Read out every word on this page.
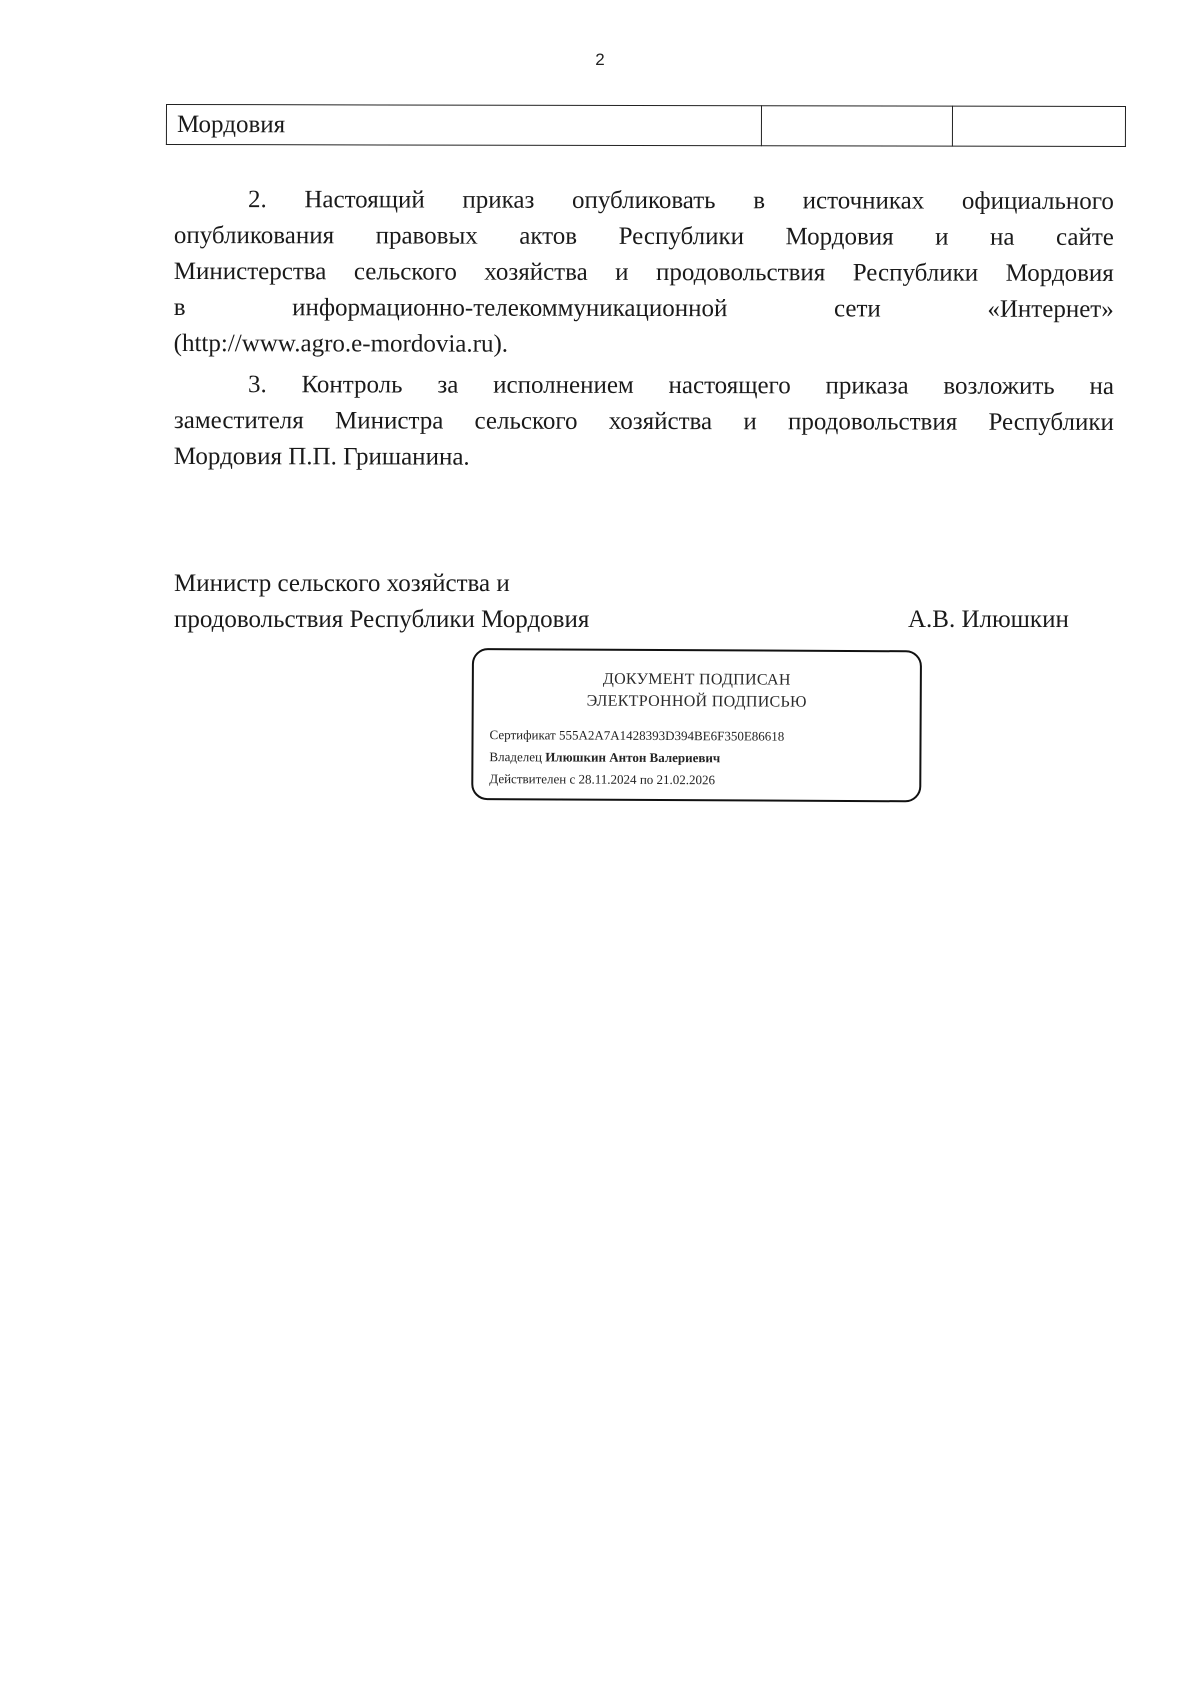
2
Мордовия		
2. Настоящий приказ опубликовать в источниках официального
опубликования правовых актов Республики Мордовия и на сайте
Министерства сельского хозяйства и продовольствия Республики Мордовия
в информационно-телекоммуникационной сети «Интернет»
(http://www.agro.e-mordovia.ru).
3. Контроль за исполнением настоящего приказа возложить на
заместителя Министра сельского хозяйства и продовольствия Республики
Мордовия П.П. Гришанина.
Министр сельского хозяйства и
продовольствия Республики Мордовия	А.В. Илюшкин
ДОКУМЕНТ ПОДПИСАН
ЭЛЕКТРОННОЙ ПОДПИСЬЮ
Сертификат 555A2A7A1428393D394BE6F350E86618
Владелец Илюшкин Антон Валериевич
Действителен с 28.11.2024 по 21.02.2026
